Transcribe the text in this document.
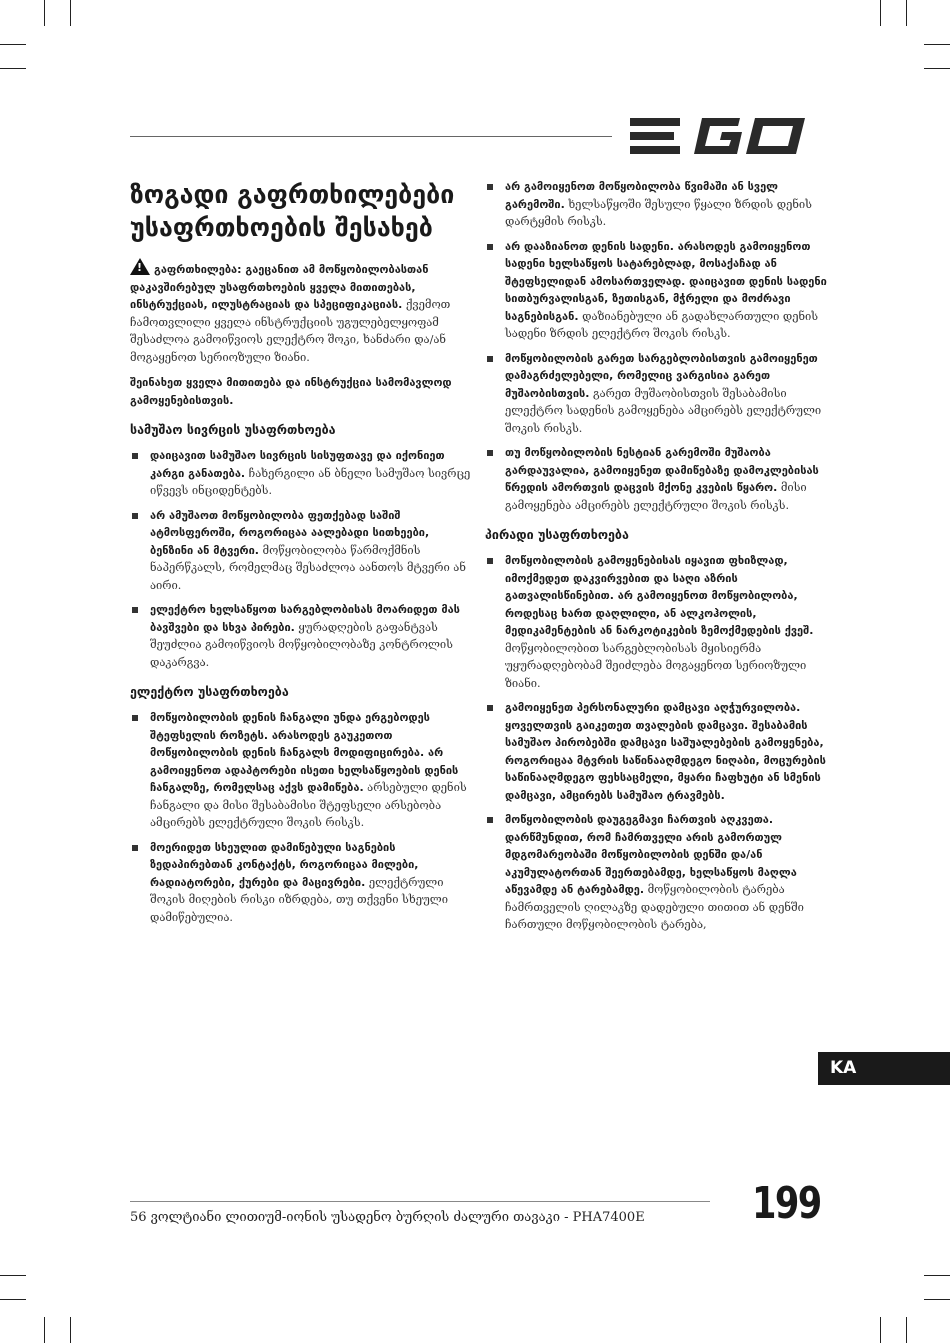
ზოგადი გაფრთხილებები უსაფრთხოების შესახებ

!გაფრთხილება: გაეცანით ამ მოწყობილობასთან დაკავშირებულ უსაფრთხოების ყველა მითითებას, ინსტრუქციას, ილუსტრაციას და სპეციფიკაციას. ქვემოთ ჩამოთვლილი ყველა ინსტრუქციის უგულებელყოფამ შესაძლოა გამოიწვიოს ელექტრო შოკი, ხანძარი და/ან მოგაყენოთ სერიოზული ზიანი.

შეინახეთ ყველა მითითება და ინსტრუქცია სამომავლოდ გამოყენებისთვის.

სამუშაო სივრცის უსაფრთხოება
დაიცავით სამუშაო სივრცის სისუფთავე და იქონიეთ კარგი განათება. ჩახერგილი ან ბნელი სამუშაო სივრცე იწვევს ინციდენტებს.
არ ამუშაოთ მოწყობილობა ფეთქებად საშიშ ატმოსფეროში, როგორიცაა აალებადი სითხეები, ბენზინი ან მტვერი. მოწყობილობა წარმოქმნის ნაპერწკალს, რომელმაც შესაძლოა აანთოს მტვერი ან აირი.
ელექტრო ხელსაწყოთ სარგებლობისას მოარიდეთ მას ბავშვები და სხვა პირები. ყურადღების გაფანტვას შეუძლია გამოიწვიოს მოწყობილობაზე კონტროლის დაკარგვა.
ელექტრო უსაფრთხოება
მოწყობილობის დენის ჩანგალი უნდა ერგებოდეს შტეფსელის როზეტს. არასოდეს გაუკეთოთ მოწყობილობის დენის ჩანგალს მოდიფიცირება. არ გამოიყენოთ ადაპტორები ისეთი ხელსაწყოების დენის ჩანგალზე, რომელსაც აქვს დამიწება. არსებული დენის ჩანგალი და მისი შესაბამისი შტეფსელი არსებობა ამცირებს ელექტრული შოკის რისკს.
მოერიდეთ სხეულით დამიწებული საგნების ზედაპირებთან კონტაქტს, როგორიცაა მილები, რადიატორები, ქურები და მაცივრები. ელექტრული შოკის მიღების რისკი იზრდება, თუ თქვენი სხეული დამიწებულია.
არ გამოიყენოთ მოწყობილობა წვიმაში ან სველ გარემოში. ხელსაწყოში შესული წყალი ზრდის დენის დარტყმის რისკს.
არ დააზიანოთ დენის სადენი. არასოდეს გამოიყენოთ სადენი ხელსაწყოს სატარებლად, მოსაქაჩად ან შტეფსელიდან ამოსართველად. დაიცავით დენის სადენი სითბურვალისგან, ზეთისგან, მჭრელი და მოძრავი საგნებისგან. დაზიანებული ან გადახლართული დენის სადენი ზრდის ელექტრო შოკის რისკს.
მოწყობილობის გარეთ სარგებლობისთვის გამოიყენეთ დამაგრძელებელი, რომელიც ვარგისია გარეთ მუშაობისთვის. გარეთ მუშაობისთვის შესაბამისი ელექტრო სადენის გამოყენება ამცირებს ელექტრული შოკის რისკს.
თუ მოწყობილობის ნესტიან გარემოში მუშაობა გარდაუვალია, გამოიყენეთ დამიწებაზე დამოკლებისას წრედის ამორთვის დაცვის მქონე კვების წყარო. მისი გამოყენება ამცირებს ელექტრული შოკის რისკს.
პირადი უსაფრთხოება
მოწყობილობის გამოყენებისას იყავით ფხიზლად, იმოქმედეთ დაკვირვებით და საღი აზრის გათვალისწინებით. არ გამოიყენოთ მოწყობილობა, როდესაც ხართ დაღლილი, ან ალკოჰოლის, მედიკამენტების ან ნარკოტიკების ზემოქმედების ქვეშ. მოწყობილობით სარგებლობისას მყისიერმა უყურადღებობამ შეიძლება მოგაყენოთ სერიოზული ზიანი.
გამოიყენეთ პერსონალური დამცავი აღჭურვილობა. ყოველთვის გაიკეთეთ თვალების დამცავი. შესაბამის სამუშაო პირობებში დამცავი საშუალებების გამოყენება, როგორიცაა მტვრის საწინააღმდეგო ნიღაბი, მოცურების საწინააღმდეგო ფეხსაცმელი, მყარი ჩაფხუტი ან სმენის დამცავი, ამცირებს სამუშაო ტრავმებს.
მოწყობილობის დაუგეგმავი ჩართვის აღკვეთა. დარწმუნდით, რომ ჩამრთველი არის გამორთულ მდგომარეობაში მოწყობილობის დენში და/ან აკუმულატორთან შეერთებამდე, ხელსაწყოს მაღლა აწევამდე ან ტარებამდე. მოწყობილობის ტარება ჩამრთველის ღილაკზე დადებული თითით ან დენში ჩართული მოწყობილობის ტარება,
KA
56 ვოლტიანი ლითიუმ-იონის უსადენო ბურღის ძალური თავაკი - PHA7400E 199
